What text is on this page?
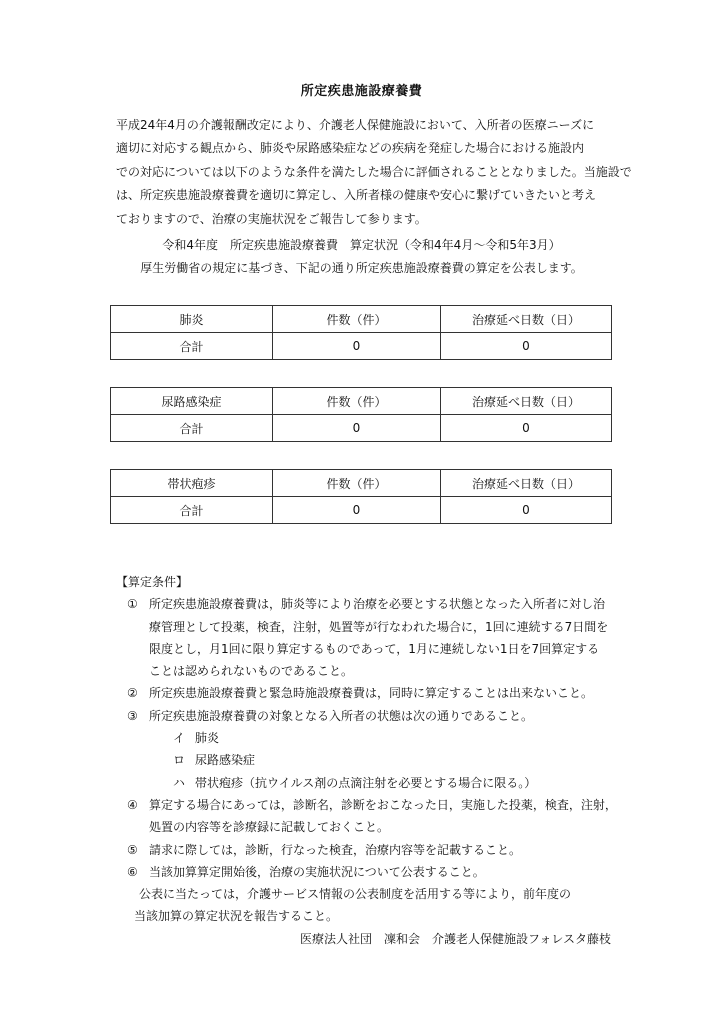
所定疾患施設療養費
平成24年4月の介護報酬改定により、介護老人保健施設において、入所者の医療ニーズに
適切に対応する観点から、肺炎や尿路感染症などの疾病を発症した場合における施設内
での対応については以下のような条件を満たした場合に評価されることとなりました。当施設で
は、所定疾患施設療養費を適切に算定し、入所者様の健康や安心に繋げていきたいと考え
ておりますので、治療の実施状況をご報告して参ります。
令和4年度　所定疾患施設療養費　算定状況（令和4年4月～令和5年3月）
厚生労働省の規定に基づき、下記の通り所定疾患施設療養費の算定を公表します。
肺炎	件数（件）	治療延べ日数（日）
合計	0	0
尿路感染症	件数（件）	治療延べ日数（日）
合計	0	0
帯状疱疹	件数（件）	治療延べ日数（日）
合計	0	0
【算定条件】
① 所定疾患施設療養費は，肺炎等により治療を必要とする状態となった入所者に対し治
療管理として投薬，検査，注射，処置等が行なわれた場合に，1回に連続する7日間を
限度とし，月1回に限り算定するものであって，1月に連続しない1日を7回算定する
ことは認められないものであること。
② 所定疾患施設療養費と緊急時施設療養費は，同時に算定することは出来ないこと。
③ 所定疾患施設療養費の対象となる入所者の状態は次の通りであること。
イ 肺炎
ロ 尿路感染症
ハ 帯状疱疹（抗ウイルス剤の点滴注射を必要とする場合に限る。）
④ 算定する場合にあっては，診断名，診断をおこなった日，実施した投薬，検査，注射，
処置の内容等を診療録に記載しておくこと。
⑤ 請求に際しては，診断，行なった検査，治療内容等を記載すること。
⑥ 当該加算算定開始後，治療の実施状況について公表すること。
公表に当たっては，介護サービス情報の公表制度を活用する等により，前年度の
当該加算の算定状況を報告すること。
医療法人社団　凜和会　介護老人保健施設フォレスタ藤枝
